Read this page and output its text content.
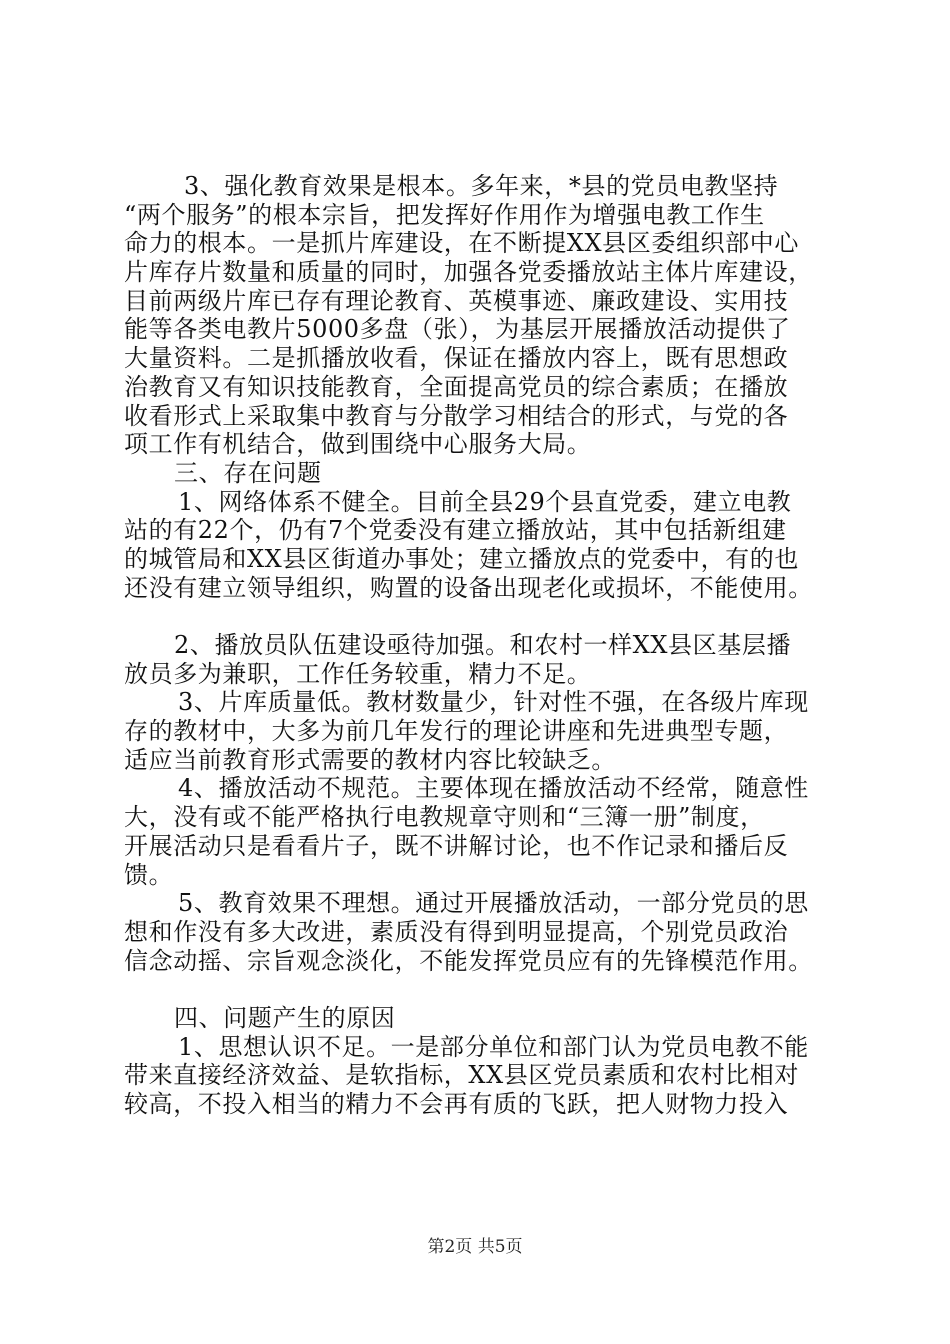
3、强化教育效果是根本。多年来，*县的党员电教坚持
“两个服务”的根本宗旨，把发挥好作用作为增强电教工作生
命力的根本。一是抓片库建设，在不断提XX县区委组织部中心
片库存片数量和质量的同时，加强各党委播放站主体片库建设，
目前两级片库已存有理论教育、英模事迹、廉政建设、实用技
能等各类电教片5000多盘（张），为基层开展播放活动提供了
大量资料。二是抓播放收看，保证在播放内容上，既有思想政
治教育又有知识技能教育，全面提高党员的综合素质；在播放
收看形式上采取集中教育与分散学习相结合的形式，与党的各
项工作有机结合，做到围绕中心服务大局。
三、存在问题
1、网络体系不健全。目前全县29个县直党委，建立电教
站的有22个，仍有7个党委没有建立播放站，其中包括新组建
的城管局和XX县区街道办事处；建立播放点的党委中，有的也
还没有建立领导组织，购置的设备出现老化或损坏，不能使用。
2、播放员队伍建设亟待加强。和农村一样XX县区基层播
放员多为兼职，工作任务较重，精力不足。
3、片库质量低。教材数量少，针对性不强，在各级片库现
存的教材中，大多为前几年发行的理论讲座和先进典型专题，
适应当前教育形式需要的教材内容比较缺乏。
4、播放活动不规范。主要体现在播放活动不经常，随意性
大，没有或不能严格执行电教规章守则和“三簿一册”制度，
开展活动只是看看片子，既不讲解讨论，也不作记录和播后反
馈。
5、教育效果不理想。通过开展播放活动，一部分党员的思
想和作没有多大改进，素质没有得到明显提高，个别党员政治
信念动摇、宗旨观念淡化，不能发挥党员应有的先锋模范作用。
四、问题产生的原因
1、思想认识不足。一是部分单位和部门认为党员电教不能
带来直接经济效益、是软指标，XX县区党员素质和农村比相对
较高，不投入相当的精力不会再有质的飞跃，把人财物力投入
第2页 共5页
